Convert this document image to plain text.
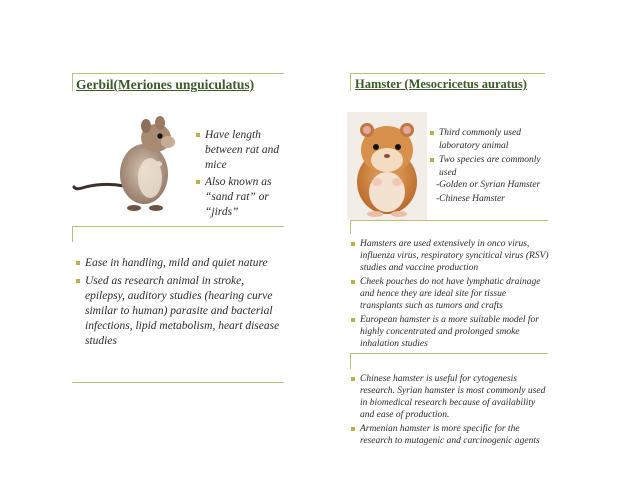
Gerbil(Meriones unguiculatus)
Have length between rat and mice
Also known as “sand rat” or “jirds”
Ease in handling, mild and quiet nature
Used as research animal in stroke, epilepsy, auditory studies (hearing curve similar to human) parasite and bacterial infections, lipid metabolism, heart disease studies
Hamster (Mesocricetus auratus)
Third commonly used laboratory animal
Two species are commonly used
-Golden or Syrian Hamster
-Chinese Hamster
Hamsters are used extensively in onco virus, influenza virus, respiratory syncitical virus (RSV) studies and vaccine production
Cheek pouches do not have lymphatic drainage and hence they are ideal site for tissue transplants such as tumors and crafts
European hamster is a more suitable model for highly concentrated and prolonged smoke inhalation studies
Chinese hamster is useful for cytogenesis research. Syrian hamster is most commonly used in biomedical research because of availability and ease of production.
Armenian hamster is more specific for the research to mutagenic and carcinogenic agents
